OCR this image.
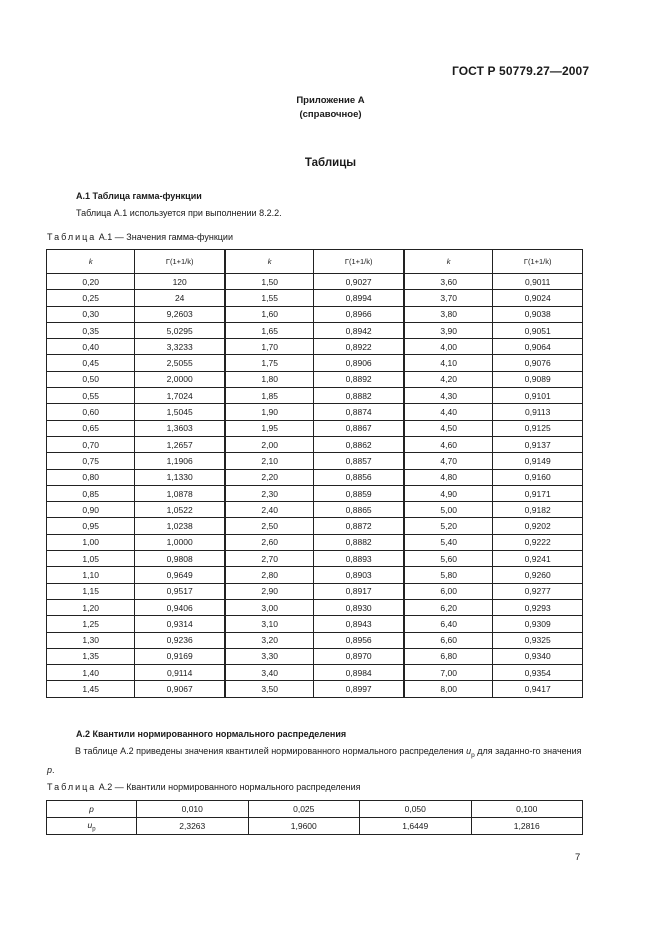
ГОСТ Р 50779.27—2007
Приложение А
(справочное)
Таблицы
А.1 Таблица гамма-функции
Таблица А.1 используется при выполнении 8.2.2.
Таблица А.1 — Значения гамма-функции
k	Γ(1+1/k)	k	Γ(1+1/k)	k	Γ(1+1/k)
0,20	120	1,50	0,9027	3,60	0,9011
0,25	24	1,55	0,8994	3,70	0,9024
0,30	9,2603	1,60	0,8966	3,80	0,9038
0,35	5,0295	1,65	0,8942	3,90	0,9051
0,40	3,3233	1,70	0,8922	4,00	0,9064
0,45	2,5055	1,75	0,8906	4,10	0,9076
0,50	2,0000	1,80	0,8892	4,20	0,9089
0,55	1,7024	1,85	0,8882	4,30	0,9101
0,60	1,5045	1,90	0,8874	4,40	0,9113
0,65	1,3603	1,95	0,8867	4,50	0,9125
0,70	1,2657	2,00	0,8862	4,60	0,9137
0,75	1,1906	2,10	0,8857	4,70	0,9149
0,80	1,1330	2,20	0,8856	4,80	0,9160
0,85	1,0878	2,30	0,8859	4,90	0,9171
0,90	1,0522	2,40	0,8865	5,00	0,9182
0,95	1,0238	2,50	0,8872	5,20	0,9202
1,00	1,0000	2,60	0,8882	5,40	0,9222
1,05	0,9808	2,70	0,8893	5,60	0,9241
1,10	0,9649	2,80	0,8903	5,80	0,9260
1,15	0,9517	2,90	0,8917	6,00	0,9277
1,20	0,9406	3,00	0,8930	6,20	0,9293
1,25	0,9314	3,10	0,8943	6,40	0,9309
1,30	0,9236	3,20	0,8956	6,60	0,9325
1,35	0,9169	3,30	0,8970	6,80	0,9340
1,40	0,9114	3,40	0,8984	7,00	0,9354
1,45	0,9067	3,50	0,8997	8,00	0,9417
А.2 Квантили нормированного нормального распределения
В таблице А.2 приведены значения квантилей нормированного нормального распределения $u_p$ для заданно-го значения p.
Таблица А.2 — Квантили нормированного нормального распределения
p	0,010	0,025	0,050	0,100
$u_p$	2,3263	1,9600	1,6449	1,2816
7
